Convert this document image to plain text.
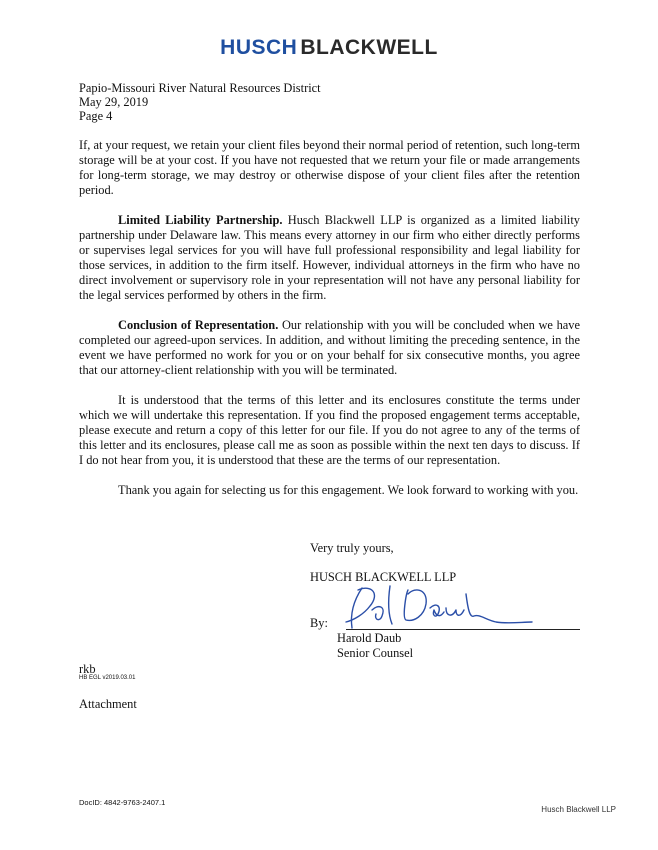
HUSCH BLACKWELL
Papio-Missouri River Natural Resources District
May 29, 2019
Page 4

If, at your request, we retain your client files beyond their normal period of retention, such long-term storage will be at your cost. If you have not requested that we return your file or made arrangements for long-term storage, we may destroy or otherwise dispose of your client files after the retention period.

Limited Liability Partnership. Husch Blackwell LLP is organized as a limited liability partnership under Delaware law. This means every attorney in our firm who either directly performs or supervises legal services for you will have full professional responsibility and legal liability for those services, in addition to the firm itself. However, individual attorneys in the firm who have no direct involvement or supervisory role in your representation will not have any personal liability for the legal services performed by others in the firm.

Conclusion of Representation. Our relationship with you will be concluded when we have completed our agreed-upon services. In addition, and without limiting the preceding sentence, in the event we have performed no work for you or on your behalf for six consecutive months, you agree that our attorney-client relationship with you will be terminated.

It is understood that the terms of this letter and its enclosures constitute the terms under which we will undertake this representation. If you find the proposed engagement terms acceptable, please execute and return a copy of this letter for our file. If you do not agree to any of the terms of this letter and its enclosures, please call me as soon as possible within the next ten days to discuss. If I do not hear from you, it is understood that these are the terms of our representation.

Thank you again for selecting us for this engagement. We look forward to working with you.

Very truly yours,
HUSCH BLACKWELL LLP
By:
Harold Daub
Senior Counsel
rkb
HB EGL v2019.03.01
Attachment
DocID: 4842-9763-2407.1
Husch Blackwell LLP
